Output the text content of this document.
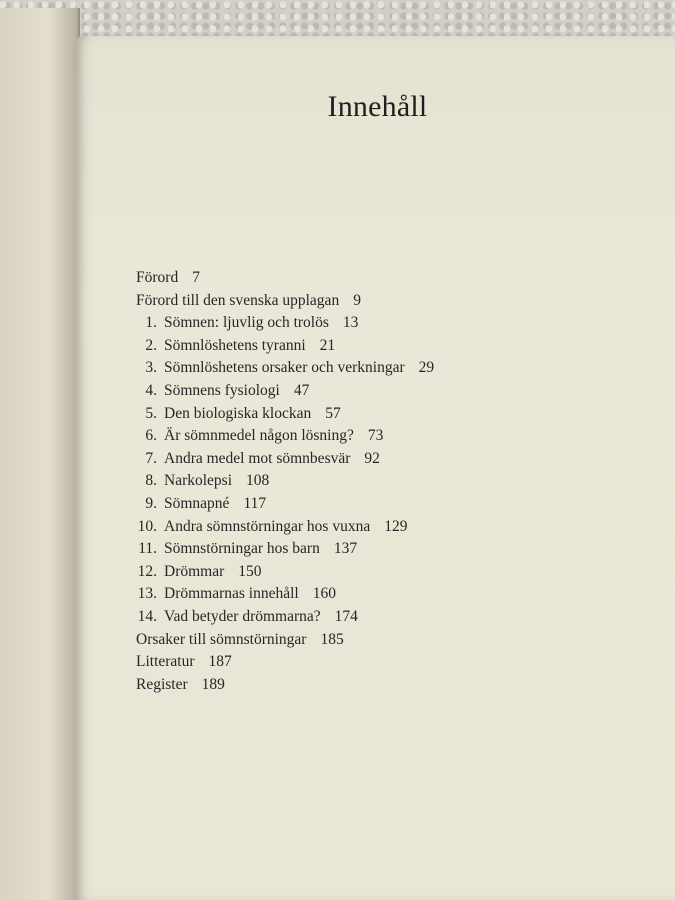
Innehåll
Förord 7
Förord till den svenska upplagan 9
1. Sömnen: ljuvlig och trolös 13
2. Sömnlöshetens tyranni 21
3. Sömnlöshetens orsaker och verkningar 29
4. Sömnens fysiologi 47
5. Den biologiska klockan 57
6. Är sömnmedel någon lösning? 73
7. Andra medel mot sömnbesvär 92
8. Narkolepsi 108
9. Sömnapné 117
10. Andra sömnstörningar hos vuxna 129
11. Sömnstörningar hos barn 137
12. Drömmar 150
13. Drömmarnas innehåll 160
14. Vad betyder drömmarna? 174
Orsaker till sömnstörningar 185
Litteratur 187
Register 189
